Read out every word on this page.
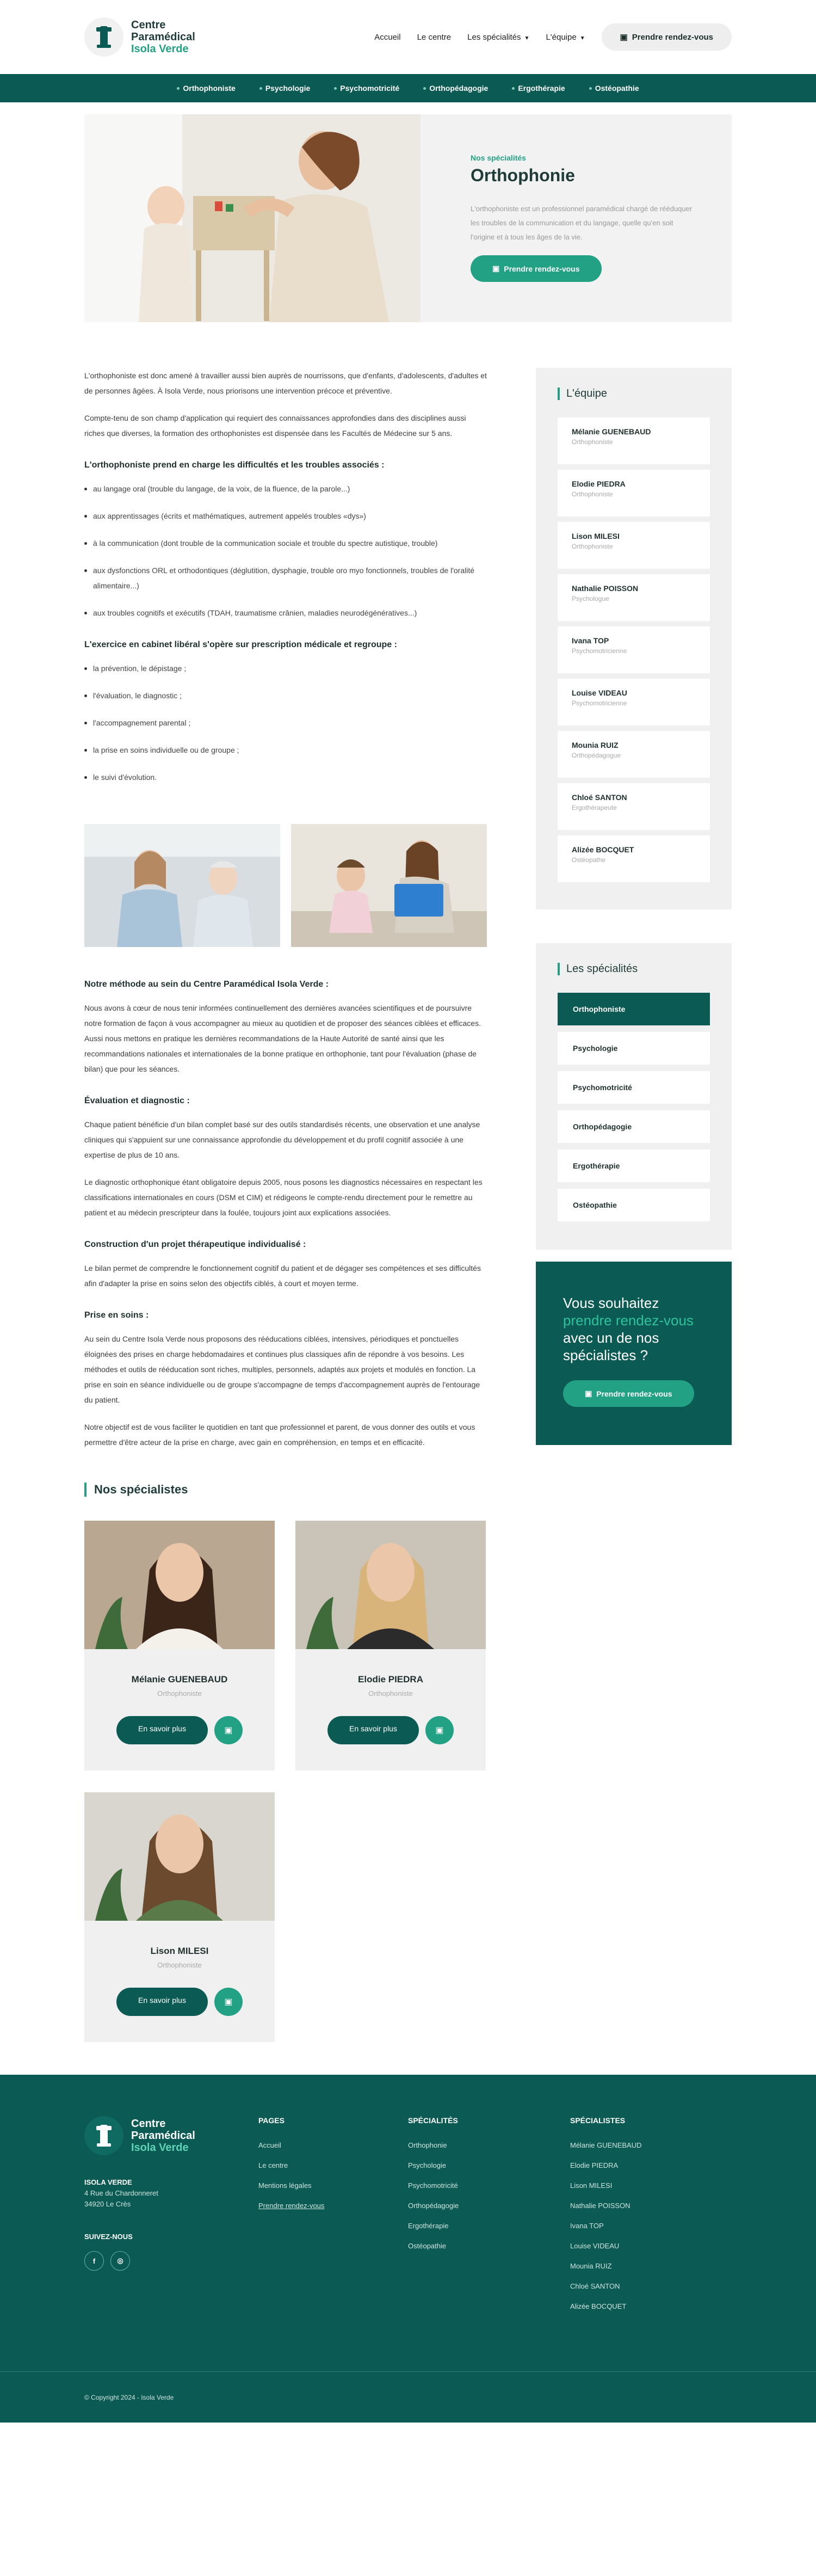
Centre
Paramédical
Isola Verde
Accueil Le centre Les spécialités ▼ L'équipe ▼	▣ Prendre rendez-vous
Orthophoniste	Psychologie	Psychomotricité	Orthopédagogie	Ergothérapie	Ostéopathie
Nos spécialités
Orthophonie

L'orthophoniste est un professionnel paramédical chargé de rééduquer les troubles de la communication et du langage, quelle qu'en soit l'origine et à tous les âges de la vie.

▣ Prendre rendez-vous

L'orthophoniste est donc amené à travailler aussi bien auprès de nourrissons, que d'enfants, d'adolescents, d'adultes et de personnes âgées. À Isola Verde, nous priorisons une intervention précoce et préventive.

Compte-tenu de son champ d'application qui requiert des connaissances approfondies dans des disciplines aussi riches que diverses, la formation des orthophonistes est dispensée dans les Facultés de Médecine sur 5 ans.

L'orthophoniste prend en charge les difficultés et les troubles associés :
au langage oral (trouble du langage, de la voix, de la fluence, de la parole...)
aux apprentissages (écrits et mathématiques, autrement appelés troubles «dys»)
à la communication (dont trouble de la communication sociale et trouble du spectre autistique, trouble)
aux dysfonctions ORL et orthodontiques (déglutition, dysphagie, trouble oro myo fonctionnels, troubles de l'oralité alimentaire...)
aux troubles cognitifs et exécutifs (TDAH, traumatisme crânien, maladies neurodégénératives...)
L'exercice en cabinet libéral s'opère sur prescription médicale et regroupe :
la prévention, le dépistage ;
l'évaluation, le diagnostic ;
l'accompagnement parental ;
la prise en soins individuelle ou de groupe ;
le suivi d'évolution.
Notre méthode au sein du Centre Paramédical Isola Verde :

Nous avons à cœur de nous tenir informées continuellement des dernières avancées scientifiques et de poursuivre notre formation de façon à vous accompagner au mieux au quotidien et de proposer des séances ciblées et efficaces. Aussi nous mettons en pratique les dernières recommandations de la Haute Autorité de santé ainsi que les recommandations nationales et internationales de la bonne pratique en orthophonie, tant pour l'évaluation (phase de bilan) que pour les séances.

Évaluation et diagnostic :

Chaque patient bénéficie d'un bilan complet basé sur des outils standardisés récents, une observation et une analyse cliniques qui s'appuient sur une connaissance approfondie du développement et du profil cognitif associée à une expertise de plus de 10 ans.

Le diagnostic orthophonique étant obligatoire depuis 2005, nous posons les diagnostics nécessaires en respectant les classifications internationales en cours (DSM et CIM) et rédigeons le compte-rendu directement pour le remettre au patient et au médecin prescripteur dans la foulée, toujours joint aux explications associées.

Construction d'un projet thérapeutique individualisé :

Le bilan permet de comprendre le fonctionnement cognitif du patient et de dégager ses compétences et ses difficultés afin d'adapter la prise en soins selon des objectifs ciblés, à court et moyen terme.

Prise en soins :

Au sein du Centre Isola Verde nous proposons des rééducations ciblées, intensives, périodiques et ponctuelles éloignées des prises en charge hebdomadaires et continues plus classiques afin de répondre à vos besoins. Les méthodes et outils de rééducation sont riches, multiples, personnels, adaptés aux projets et modulés en fonction. La prise en soin en séance individuelle ou de groupe s'accompagne de temps d'accompagnement auprès de l'entourage du patient.

Notre objectif est de vous faciliter le quotidien en tant que professionnel et parent, de vous donner des outils et vous permettre d'être acteur de la prise en charge, avec gain en compréhension, en temps et en efficacité.

Nos spécialistes
Mélanie GUENEBAUD
Orthophoniste
En savoir plus	▣
Elodie PIEDRA
Orthophoniste
En savoir plus	▣
Lison MILESI
Orthophoniste
En savoir plus	▣
L'équipe
Mélanie GUENEBAUD
Orthophoniste
Elodie PIEDRA
Orthophoniste
Lison MILESI
Orthophoniste
Nathalie POISSON
Psychologue
Ivana TOP
Psychomotricienne
Louise VIDEAU
Psychomotricienne
Mounia RUIZ
Orthopédagogue
Chloé SANTON
Ergothérapeute
Alizée BOCQUET
Ostéopathe
Les spécialités
Orthophoniste
Psychologie
Psychomotricité
Orthopédagogie
Ergothérapie
Ostéopathie
Vous souhaitez
prendre rendez-vous
avec un de nos
spécialistes ?
▣ Prendre rendez-vous
Centre
Paramédical
Isola Verde
ISOLA VERDE
4 Rue du Chardonneret
34920 Le Crès
SUIVEZ-NOUS
f	◎
PAGES
Accueil
Le centre
Mentions légales
Prendre rendez-vous
SPÉCIALITÉS
Orthophonie
Psychologie
Psychomotricité
Orthopédagogie
Ergothérapie
Ostéopathie
SPÉCIALISTES
Mélanie GUENEBAUD
Elodie PIEDRA
Lison MILESI
Nathalie POISSON
Ivana TOP
Louise VIDEAU
Mounia RUIZ
Chloé SANTON
Alizée BOCQUET
© Copyright 2024 - Isola Verde
